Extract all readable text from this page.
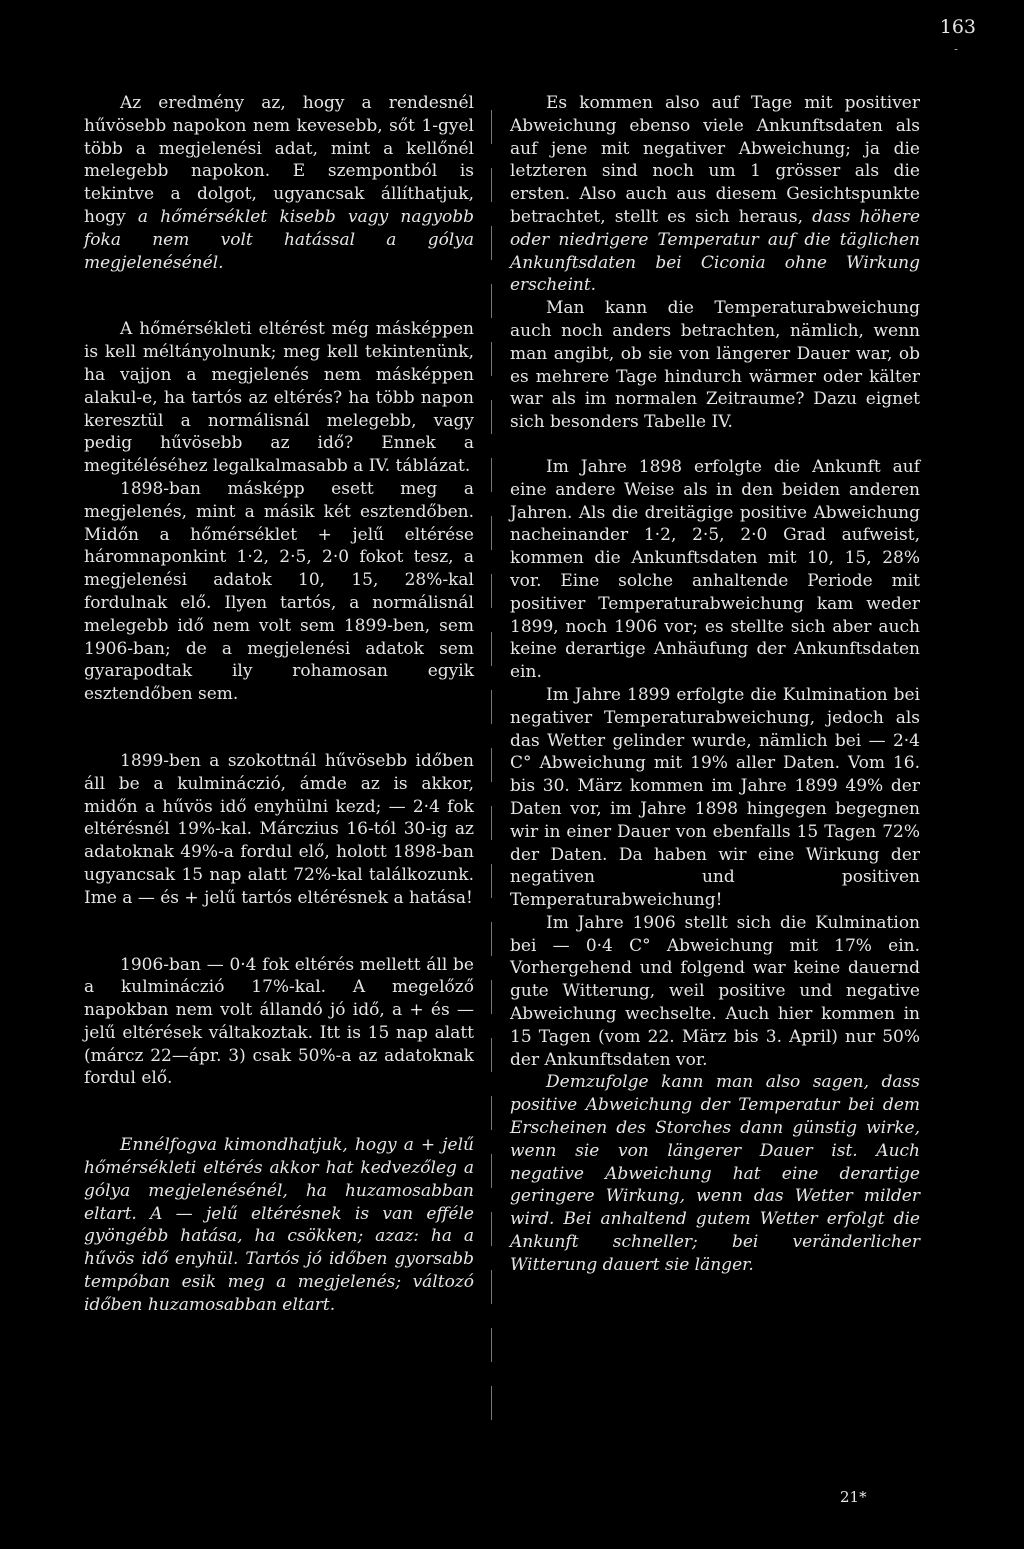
163
-

Az eredmény az, hogy a rendesnél hűvösebb napokon nem kevesebb, sőt 1-gyel több a megjelenési adat, mint a kellőnél melegebb napokon. E szempontból is tekintve a dolgot, ugyancsak állíthatjuk, hogy a hőmérséklet kisebb vagy nagyobb foka nem volt hatással a gólya megjelenésénél.

A hőmérsékleti eltérést még másképpen is kell méltányolnunk; meg kell tekintenünk, ha vajjon a megjelenés nem másképpen alakul-e, ha tartós az eltérés? ha több napon keresztül a normálisnál melegebb, vagy pedig hűvösebb az idő? Ennek a megitéléséhez legalkalmasabb a IV. táblázat.

1898-ban másképp esett meg a megjelenés, mint a másik két esztendőben. Midőn a hőmérséklet + jelű eltérése háromnaponkint 1·2, 2·5, 2·0 fokot tesz, a megjelenési adatok 10, 15, 28%-kal fordulnak elő. Ilyen tartós, a normálisnál melegebb idő nem volt sem 1899-ben, sem 1906-ban; de a megjelenési adatok sem gyarapodtak ily rohamosan egyik esztendőben sem.

1899-ben a szokottnál hűvösebb időben áll be a kulmináczió, ámde az is akkor, midőn a hűvös idő enyhülni kezd; — 2·4 fok eltérésnél 19%-kal. Márczius 16-tól 30-ig az adatoknak 49%-a fordul elő, holott 1898-ban ugyancsak 15 nap alatt 72%-kal találkozunk. Ime a — és + jelű tartós eltérésnek a hatása!

1906-ban — 0·4 fok eltérés mellett áll be a kulmináczió 17%-kal. A megelőző napokban nem volt állandó jó idő, a + és — jelű eltérések váltakoztak. Itt is 15 nap alatt (márcz 22—ápr. 3) csak 50%-a az adatoknak fordul elő.

Ennélfogva kimondhatjuk, hogy a + jelű hőmérsékleti eltérés akkor hat kedvezőleg a gólya megjelenésénél, ha huzamosabban eltart. A — jelű eltérésnek is van efféle gyöngébb hatása, ha csökken; azaz: ha a hűvös idő enyhül. Tartós jó időben gyorsabb tempóban esik meg a megjelenés; változó időben huzamosabban eltart.

Es kommen also auf Tage mit positiver Abweichung ebenso viele Ankunftsdaten als auf jene mit negativer Abweichung; ja die letzteren sind noch um 1 grösser als die ersten. Also auch aus diesem Gesichtspunkte betrachtet, stellt es sich heraus, dass höhere oder niedrigere Temperatur auf die täglichen Ankunftsdaten bei Ciconia ohne Wirkung erscheint.

Man kann die Temperaturabweichung auch noch anders betrachten, nämlich, wenn man angibt, ob sie von längerer Dauer war, ob es mehrere Tage hindurch wärmer oder kälter war als im normalen Zeitraume? Dazu eignet sich besonders Tabelle IV.

Im Jahre 1898 erfolgte die Ankunft auf eine andere Weise als in den beiden anderen Jahren. Als die dreitägige positive Abweichung nacheinander 1·2, 2·5, 2·0 Grad aufweist, kommen die Ankunftsdaten mit 10, 15, 28% vor. Eine solche anhaltende Periode mit positiver Temperaturabweichung kam weder 1899, noch 1906 vor; es stellte sich aber auch keine derartige Anhäufung der Ankunftsdaten ein.

Im Jahre 1899 erfolgte die Kulmination bei negativer Temperaturabweichung, jedoch als das Wetter gelinder wurde, nämlich bei — 2·4 C° Abweichung mit 19% aller Daten. Vom 16. bis 30. März kommen im Jahre 1899 49% der Daten vor, im Jahre 1898 hingegen begegnen wir in einer Dauer von ebenfalls 15 Tagen 72% der Daten. Da haben wir eine Wirkung der negativen und positiven Temperaturabweichung!

Im Jahre 1906 stellt sich die Kulmination bei — 0·4 C° Abweichung mit 17% ein. Vorhergehend und folgend war keine dauernd gute Witterung, weil positive und negative Abweichung wechselte. Auch hier kommen in 15 Tagen (vom 22. März bis 3. April) nur 50% der Ankunftsdaten vor.

Demzufolge kann man also sagen, dass positive Abweichung der Temperatur bei dem Erscheinen des Storches dann günstig wirke, wenn sie von längerer Dauer ist. Auch negative Abweichung hat eine derartige geringere Wirkung, wenn das Wetter milder wird. Bei anhaltend gutem Wetter erfolgt die Ankunft schneller; bei veränderlicher Witterung dauert sie länger.

21*
